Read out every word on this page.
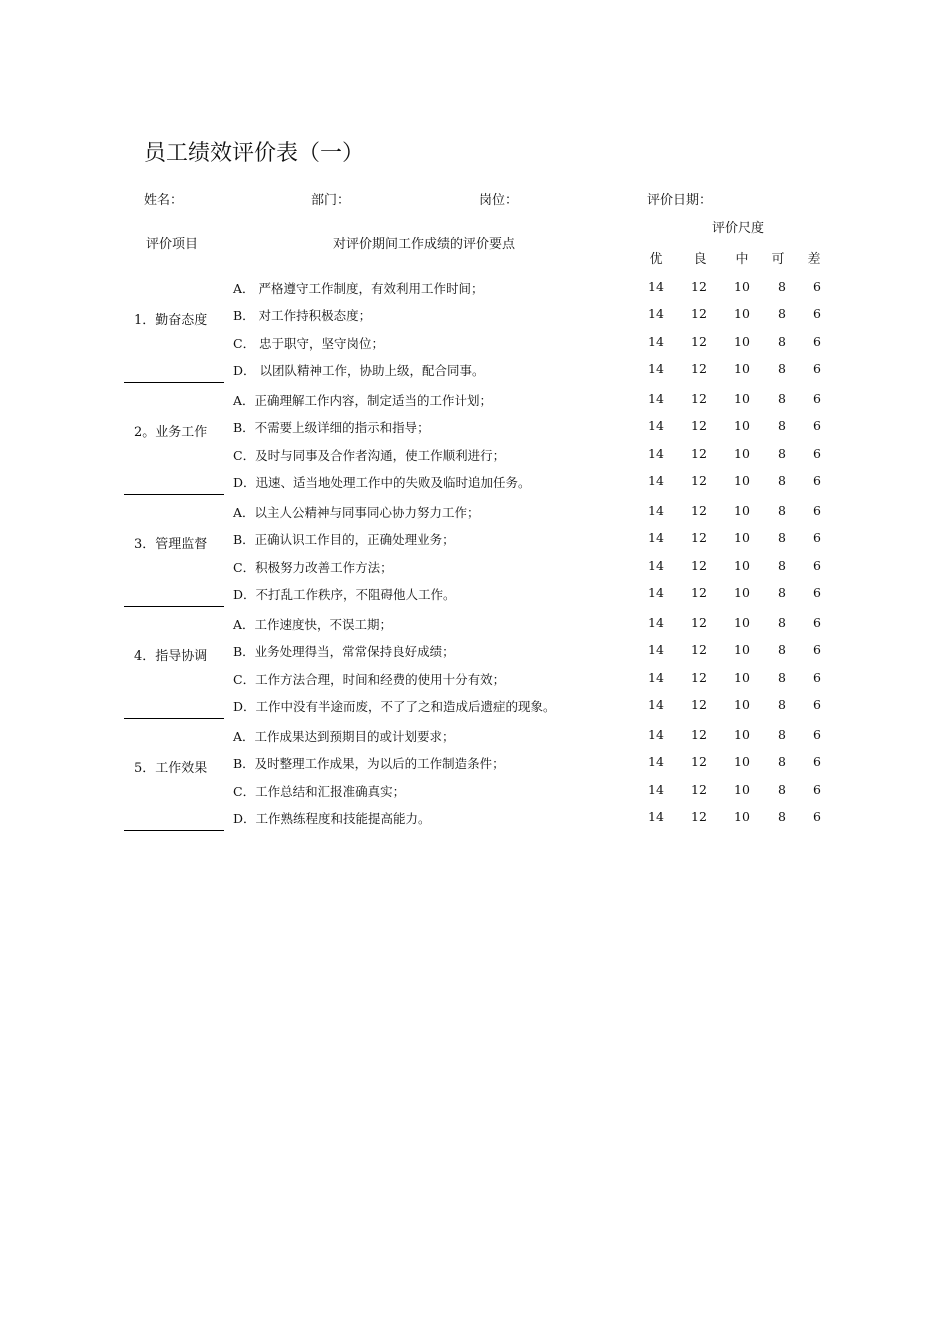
员工绩效评价表（一）
姓名：	部门：	岗位：	评价日期：
评价项目	对评价期间工作成绩的评价要点
评价尺度
优 良 中 可 差
1．勤奋态度
A． 严格遵守工作制度，有效利用工作时间；	14 12 10 8 6
B． 对工作持积极态度；	14 12 10 8 6
C． 忠于职守，坚守岗位；	14 12 10 8 6
D． 以团队精神工作，协助上级，配合同事。	14 12 10 8 6
2。业务工作
A．正确理解工作内容，制定适当的工作计划；	14 12 10 8 6
B．不需要上级详细的指示和指导；	14 12 10 8 6
C．及时与同事及合作者沟通，使工作顺利进行；	14 12 10 8 6
D．迅速、适当地处理工作中的失败及临时追加任务。	14 12 10 8 6
3．管理监督
A．以主人公精神与同事同心协力努力工作；	14 12 10 8 6
B．正确认识工作目的，正确处理业务；	14 12 10 8 6
C．积极努力改善工作方法；	14 12 10 8 6
D．不打乱工作秩序，不阻碍他人工作。	14 12 10 8 6
4．指导协调
A．工作速度快，不误工期；	14 12 10 8 6
B．业务处理得当，常常保持良好成绩；	14 12 10 8 6
C．工作方法合理，时间和经费的使用十分有效；	14 12 10 8 6
D．工作中没有半途而废，不了了之和造成后遗症的现象。	14 12 10 8 6
5．工作效果
A．工作成果达到预期目的或计划要求；	14 12 10 8 6
B．及时整理工作成果，为以后的工作制造条件；	14 12 10 8 6
C．工作总结和汇报准确真实；	14 12 10 8 6
D．工作熟练程度和技能提高能力。	14 12 10 8 6
